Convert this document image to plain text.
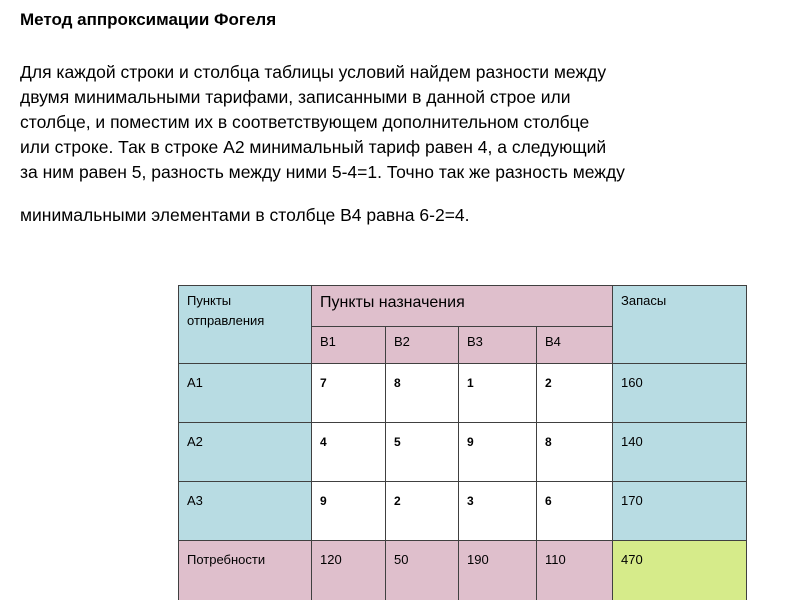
Метод аппроксимации Фогеля
Для каждой строки и столбца таблицы условий найдем разности между
двумя минимальными тарифами, записанными в данной строе или
столбце, и поместим их в соответствующем дополнительном столбце
или строке. Так в строке А2 минимальный тариф равен 4, а следующий
за ним равен 5, разность между ними 5-4=1. Точно так же разность между
минимальными элементами в столбце В4 равна 6-2=4.
Пункты отправления	Пункты назначения				Запасы
	В1	В2	В3	В4	
А1	7	8	1	2	160
А2	4	5	9	8	140
А3	9	2	3	6	170
Потребности	120	50	190	110	470
